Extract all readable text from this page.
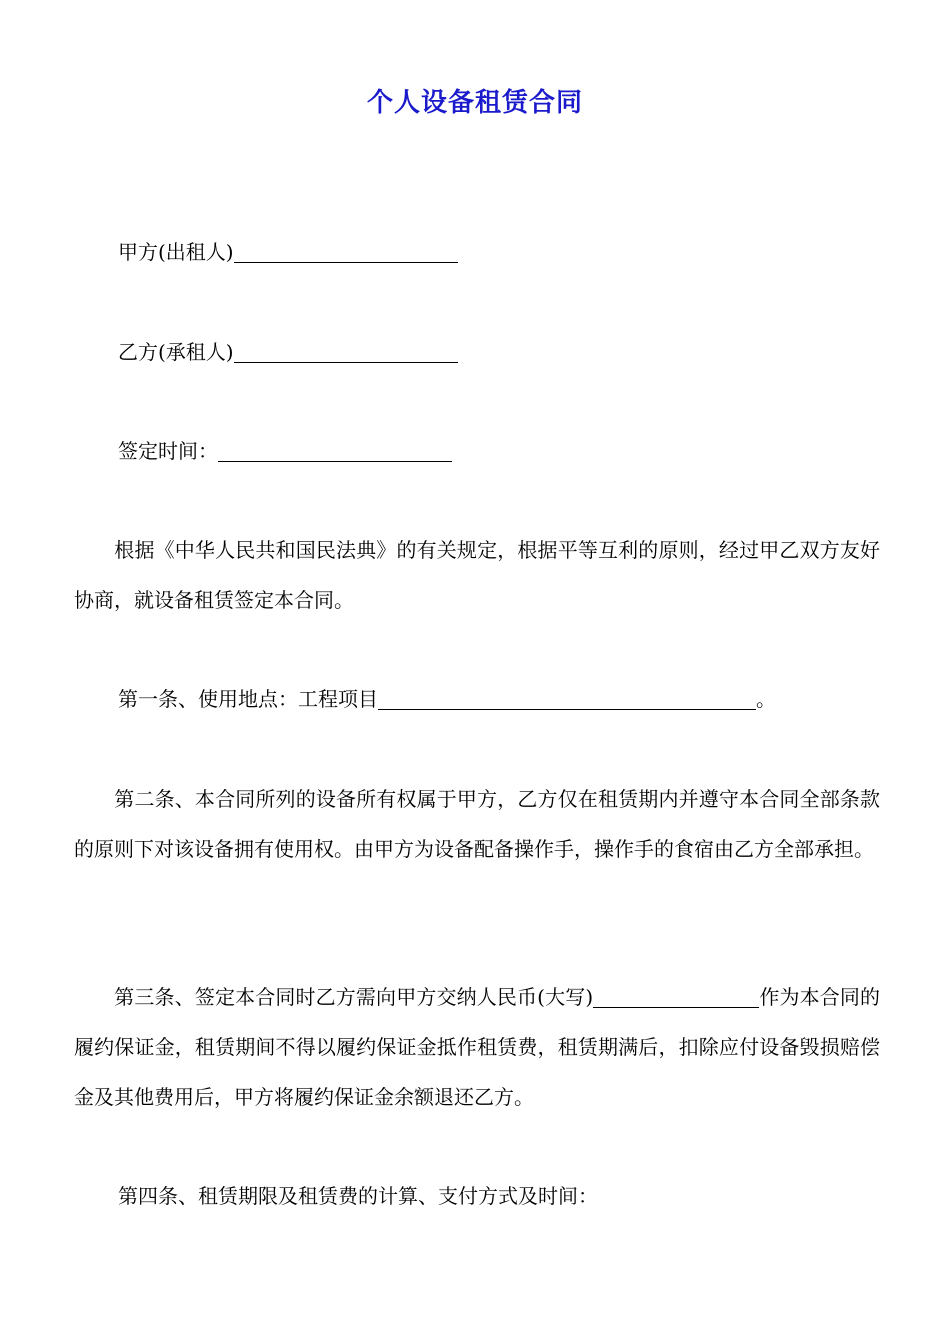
个人设备租赁合同
甲方(出租人)
乙方(承租人)
签定时间：
　　根据《中华人民共和国民法典》的有关规定，根据平等互利的原则，经过甲乙双方友好协商，就设备租赁签定本合同。
第一条、使用地点：工程项目	。
　　第二条、本合同所列的设备所有权属于甲方，乙方仅在租赁期内并遵守本合同全部条款的原则下对该设备拥有使用权。由甲方为设备配备操作手，操作手的食宿由乙方全部承担。
　　第三条、签定本合同时乙方需向甲方交纳人民币(大写)	作为本合同的履约保证金，租赁期间不得以履约保证金抵作租赁费，租赁期满后，扣除应付设备毁损赔偿金及其他费用后，甲方将履约保证金余额退还乙方。
第四条、租赁期限及租赁费的计算、支付方式及时间：
